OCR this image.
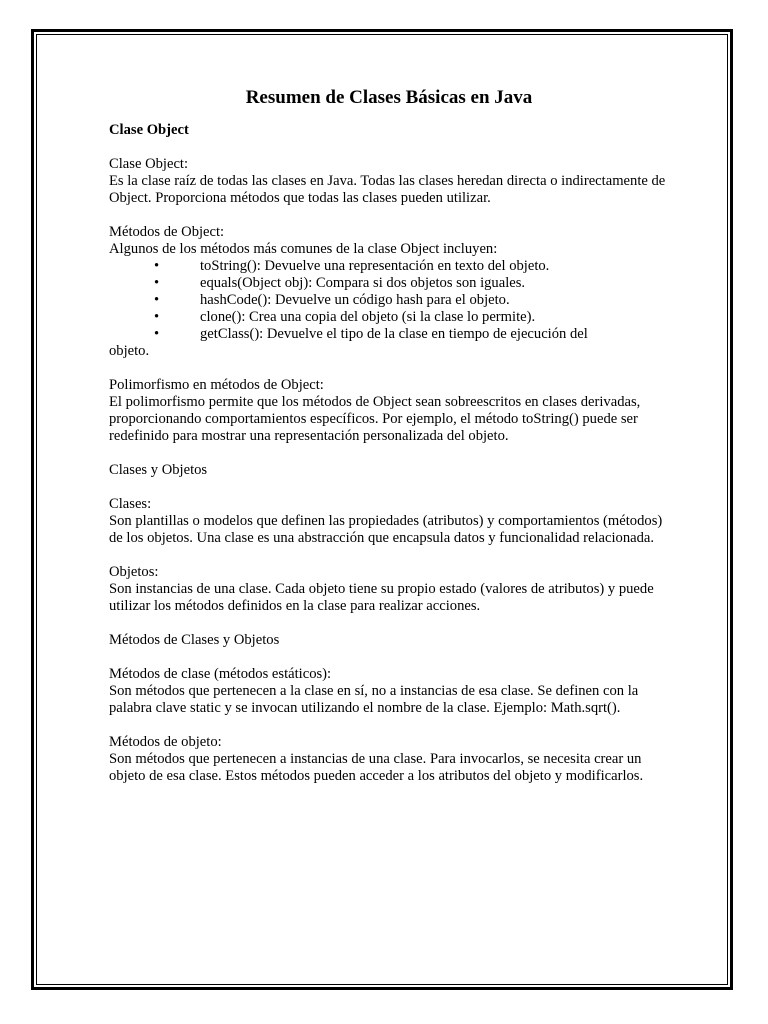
Resumen de Clases Básicas en Java

Clase Object

Clase Object:

Es la clase raíz de todas las clases en Java. Todas las clases heredan directa o indirectamente de Object. Proporciona métodos que todas las clases pueden utilizar.

Métodos de Object:

Algunos de los métodos más comunes de la clase Object incluyen:

•	toString(): Devuelve una representación en texto del objeto.
•	equals(Object obj): Compara si dos objetos son iguales.
•	hashCode(): Devuelve un código hash para el objeto.
•	clone(): Crea una copia del objeto (si la clase lo permite).
•	getClass(): Devuelve el tipo de la clase en tiempo de ejecución del

objeto.

Polimorfismo en métodos de Object:

El polimorfismo permite que los métodos de Object sean sobreescritos en clases derivadas, proporcionando comportamientos específicos. Por ejemplo, el método toString() puede ser redefinido para mostrar una representación personalizada del objeto.

Clases y Objetos

Clases:

Son plantillas o modelos que definen las propiedades (atributos) y comportamientos (métodos) de los objetos. Una clase es una abstracción que encapsula datos y funcionalidad relacionada.

Objetos:

Son instancias de una clase. Cada objeto tiene su propio estado (valores de atributos) y puede utilizar los métodos definidos en la clase para realizar acciones.

Métodos de Clases y Objetos

Métodos de clase (métodos estáticos):

Son métodos que pertenecen a la clase en sí, no a instancias de esa clase. Se definen con la palabra clave static y se invocan utilizando el nombre de la clase. Ejemplo: Math.sqrt().

Métodos de objeto:

Son métodos que pertenecen a instancias de una clase. Para invocarlos, se necesita crear un objeto de esa clase. Estos métodos pueden acceder a los atributos del objeto y modificarlos.
